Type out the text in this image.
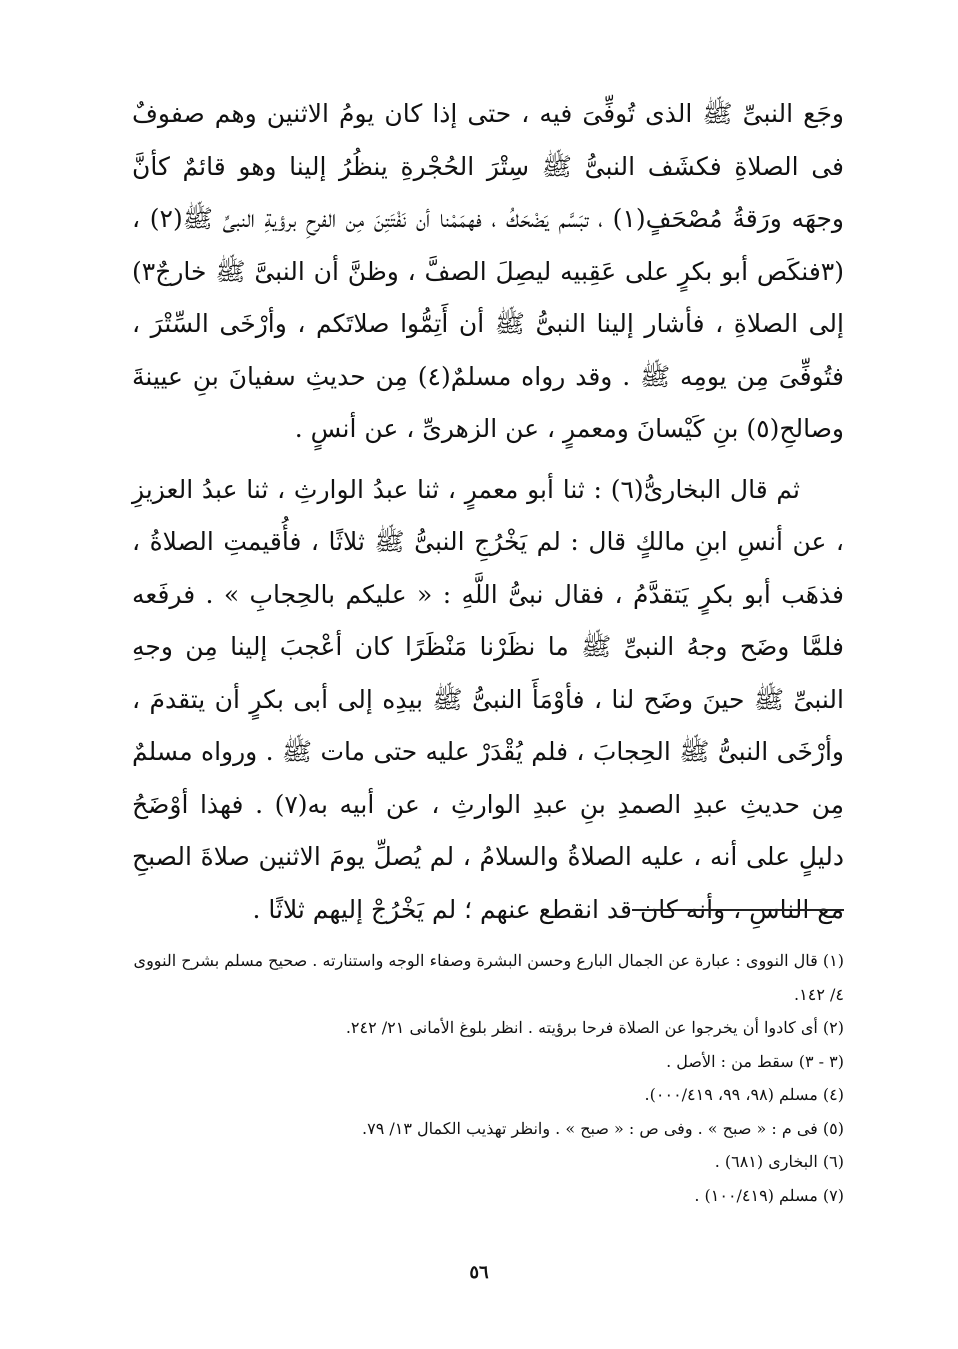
وجَع النبىِّ ﷺ الذى تُوفِّىَ فيه ، حتى إذا كان يومُ الاثنين وهم صفوفٌ فى الصلاةِ فكشَف النبىُّ ﷺ سِتْرَ الحُجْرةِ ينظُرُ إلينا وهو قائمٌ كأنَّ وجهَه ورَقةُ مُصْحَفٍ(١) ، تبَسَّم يَضْحَكُ ، فهمَمْنا أن نَفْتَتِنَ مِن الفرحِ برؤيةِ النبىِّ ﷺ(٢) ، (٣فنكَص أبو بكرٍ على عَقِبيه ليصِلَ الصفَّ ، وظنَّ أن النبىَّ ﷺ خارجٌ٣) إلى الصلاةِ ، فأشار إلينا النبىُّ ﷺ أن أَتِمُّوا صلاتَكم ، وأرْخَى السِّتْرَ ، فتُوفِّىَ مِن يومِه ﷺ . وقد رواه مسلمٌ(٤) مِن حديثِ سفيانَ بنِ عيينةَ وصالحِ(٥) بنِ كَيْسانَ ومعمرٍ ، عن الزهرىِّ ، عن أنسٍ .

ثم قال البخارىُّ(٦) : ثنا أبو معمرٍ ، ثنا عبدُ الوارثِ ، ثنا عبدُ العزيزِ ، عن أنسِ ابنِ مالكٍ قال : لم يَخْرُجِ النبىُّ ﷺ ثلاثًا ، فأُقيمتِ الصلاةُ ، فذهَب أبو بكرٍ يَتقدَّمُ ، فقال نبىُّ اللَّهِ : « عليكم بالحِجابِ » . فرفَعه فلمَّا وضَح وجهُ النبىِّ ﷺ ما نظَرْنا مَنْظَرًا كان أعْجبَ إلينا مِن وجهِ النبىِّ ﷺ حينَ وضَح لنا ، فأوْمَأَ النبىُّ ﷺ بيدِه إلى أبى بكرٍ أن يتقدمَ ، وأرْخَى النبىُّ ﷺ الحِجابَ ، فلم يُقْدَرْ عليه حتى مات ﷺ . ورواه مسلمٌ مِن حديثِ عبدِ الصمدِ بنِ عبدِ الوارثِ ، عن أبيه به(٧) . فهذا أوْضَحُ دليلٍ على أنه ، عليه الصلاةُ والسلامُ ، لم يُصلِّ يومَ الاثنين صلاةَ الصبحِ مع الناسِ ، وأنه كان قد انقطع عنهم ؛ لم يَخْرُجْ إليهم ثلاثًا .

(١) قال النووى : عبارة عن الجمال البارع وحسن البشرة وصفاء الوجه واستنارته . صحيح مسلم بشرح النووى ٤/ ١٤٢.

(٢) أى كادوا أن يخرجوا عن الصلاة فرحا برؤيته . انظر بلوغ الأمانى ٢١/ ٢٤٢.

(٣ - ٣) سقط من : الأصل .

(٤) مسلم (٩٨، ٩٩، ٠٠٠/٤١٩).

(٥) فى م : « صبح » . وفى ص : « صبح » . وانظر تهذيب الكمال ١٣/ ٧٩.

(٦) البخارى (٦٨١) .

(٧) مسلم (١٠٠/٤١٩) .

٥٦
